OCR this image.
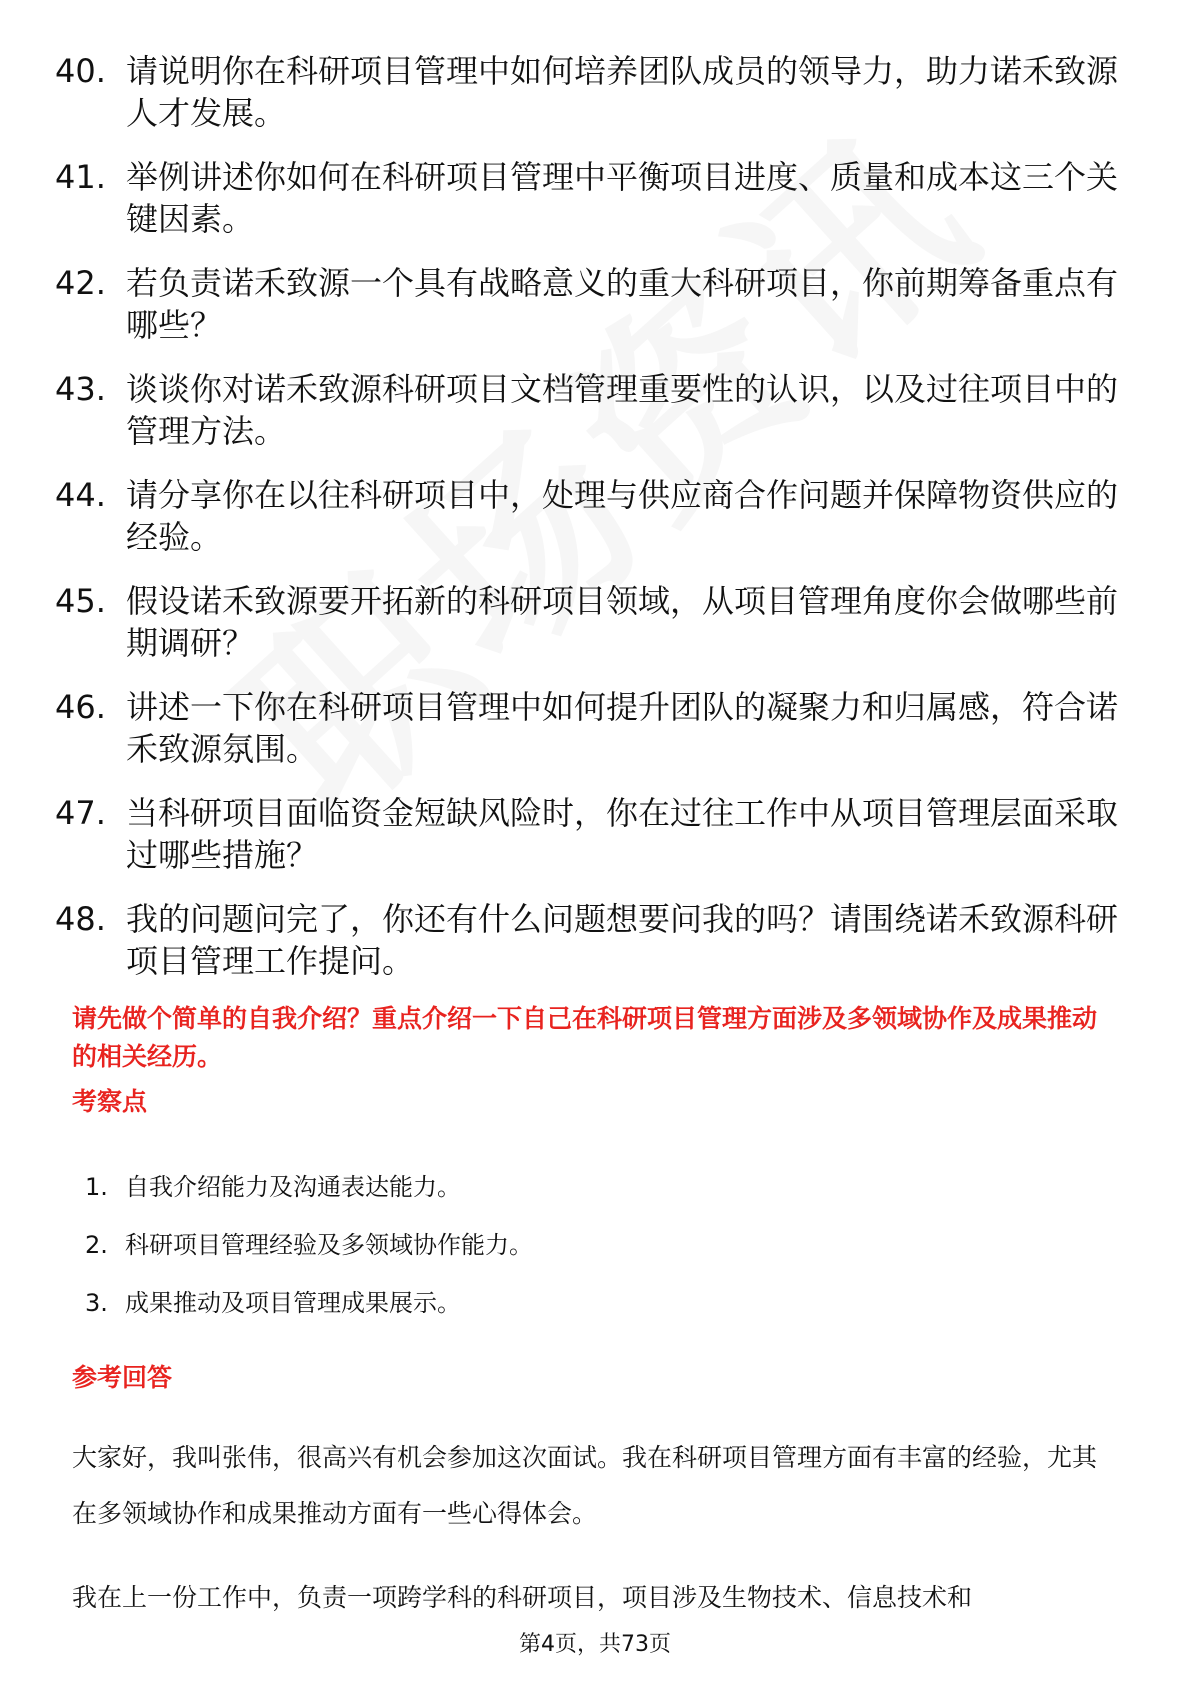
40. 请说明你在科研项目管理中如何培养团队成员的领导力，助力诺禾致源人才发展。
41. 举例讲述你如何在科研项目管理中平衡项目进度、质量和成本这三个关键因素。
42. 若负责诺禾致源一个具有战略意义的重大科研项目，你前期筹备重点有哪些？
43. 谈谈你对诺禾致源科研项目文档管理重要性的认识，以及过往项目中的管理方法。
44. 请分享你在以往科研项目中，处理与供应商合作问题并保障物资供应的经验。
45. 假设诺禾致源要开拓新的科研项目领域，从项目管理角度你会做哪些前期调研？
46. 讲述一下你在科研项目管理中如何提升团队的凝聚力和归属感，符合诺禾致源氛围。
47. 当科研项目面临资金短缺风险时，你在过往工作中从项目管理层面采取过哪些措施？
48. 我的问题问完了，你还有什么问题想要问我的吗？请围绕诺禾致源科研项目管理工作提问。
请先做个简单的自我介绍？重点介绍一下自己在科研项目管理方面涉及多领域协作及成果推动的相关经历。
考察点
1. 自我介绍能力及沟通表达能力。
2. 科研项目管理经验及多领域协作能力。
3. 成果推动及项目管理成果展示。
参考回答
大家好，我叫张伟，很高兴有机会参加这次面试。我在科研项目管理方面有丰富的经验，尤其在多领域协作和成果推动方面有一些心得体会。
我在上一份工作中，负责一项跨学科的科研项目，项目涉及生物技术、信息技术和
第4页，共73页
